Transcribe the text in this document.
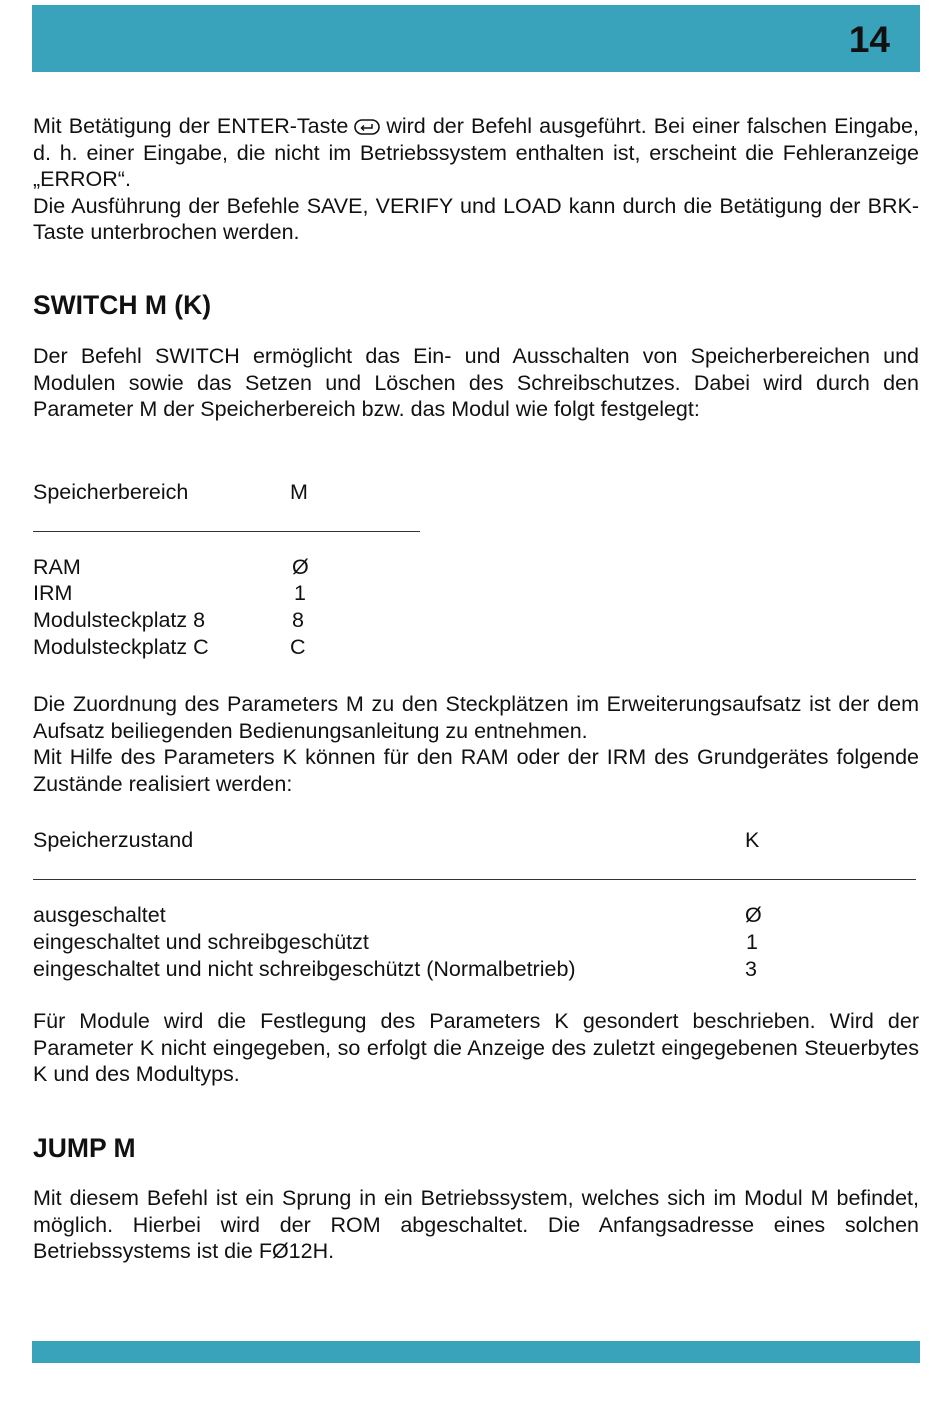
14

Mit Betätigung der ENTER-Taste wird der Befehl ausgeführt. Bei einer falschen Eingabe, d. h. einer Eingabe, die nicht im Betriebssystem enthalten ist, erscheint die Fehleranzeige „ERROR“.

Die Ausführung der Befehle SAVE, VERIFY und LOAD kann durch die Betätigung der BRK-Taste unterbrochen werden.

SWITCH M (K)

Der Befehl SWITCH ermöglicht das Ein- und Ausschalten von Speicherbereichen und Modulen sowie das Setzen und Löschen des Schreibschutzes. Dabei wird durch den Parameter M der Speicherbereich bzw. das Modul wie folgt festgelegt:

Speicherbereich	M
RAM	Ø
IRM	1
Modulsteckplatz 8	8
Modulsteckplatz C	C

Die Zuordnung des Parameters M zu den Steckplätzen im Erweiterungsaufsatz ist der dem Aufsatz beiliegenden Bedienungsanleitung zu entnehmen.

Mit Hilfe des Parameters K können für den RAM oder der IRM des Grundgerätes folgende Zustände realisiert werden:

Speicherzustand	K
ausgeschaltet	Ø
eingeschaltet und schreibgeschützt	1
eingeschaltet und nicht schreibgeschützt (Normalbetrieb)	3

Für Module wird die Festlegung des Parameters K gesondert beschrieben. Wird der Parameter K nicht eingegeben, so erfolgt die Anzeige des zuletzt eingegebenen Steuerbytes K und des Modultyps.

JUMP M

Mit diesem Befehl ist ein Sprung in ein Betriebssystem, welches sich im Modul M befindet, möglich. Hierbei wird der ROM abgeschaltet. Die Anfangsadresse eines solchen Betriebssystems ist die FØ12H.
